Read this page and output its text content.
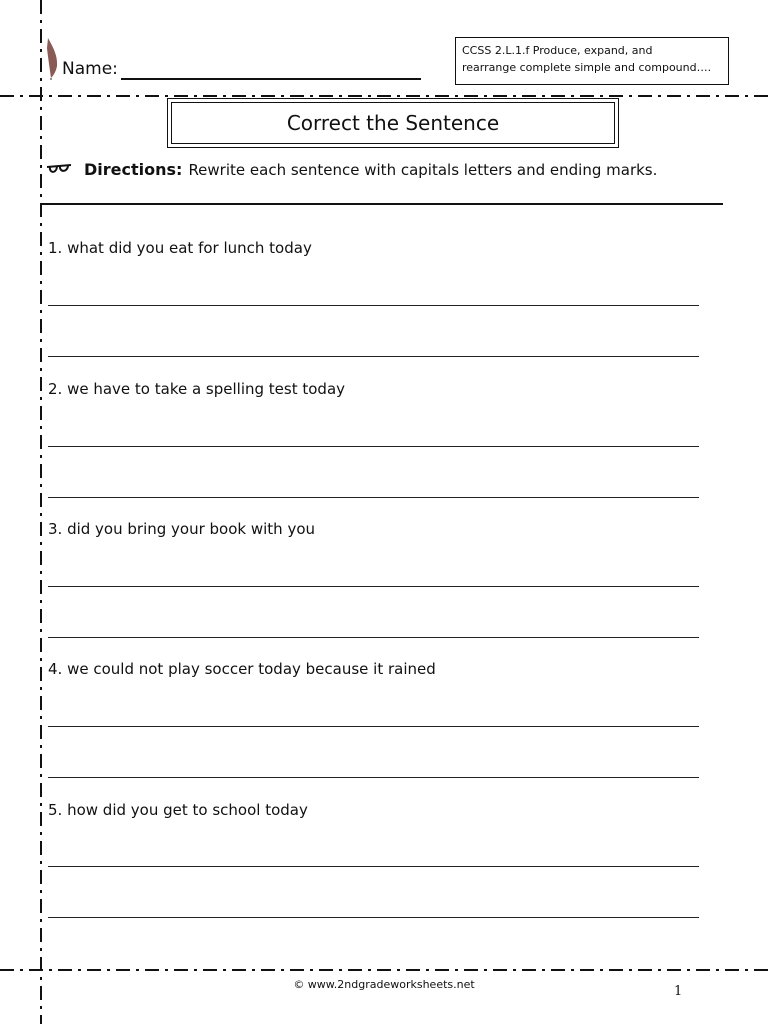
Name:
CCSS 2.L.1.f Produce, expand, and
rearrange complete simple and compound….
Correct the Sentence
Directions: Rewrite each sentence with capitals letters and ending marks.
1. what did you eat for lunch today
2. we have to take a spelling test today
3. did you bring your book with you
4. we could not play soccer today because it rained
5. how did you get to school today
© www.2ndgradeworksheets.net	1
